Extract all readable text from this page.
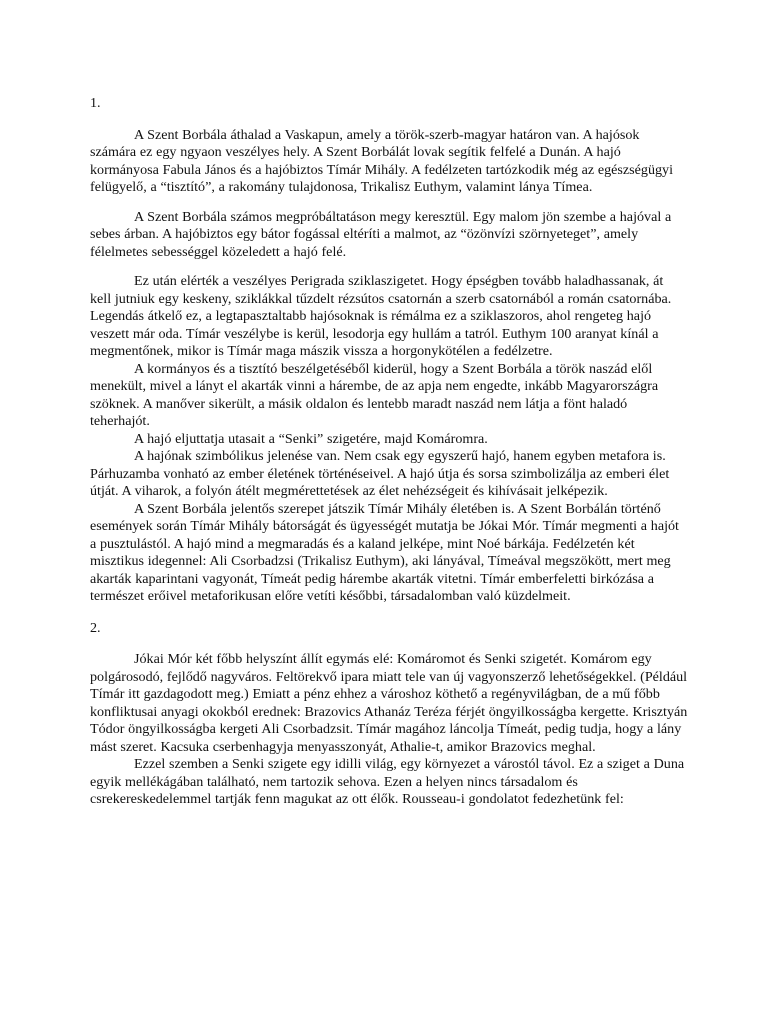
1.

A Szent Borbála áthalad a Vaskapun, amely a török-szerb-magyar határon van. A hajósok számára ez egy ngyaon veszélyes hely. A Szent Borbálát lovak segítik felfelé a Dunán. A hajó kormányosa Fabula János és a hajóbiztos Tímár Mihály. A fedélzeten tartózkodik még az egészségügyi felügyelő, a “tisztító”, a rakomány tulajdonosa, Trikalisz Euthym, valamint lánya Tímea.

A Szent Borbála számos megpróbáltatáson megy keresztül. Egy malom jön szembe a hajóval a sebes árban. A hajóbiztos egy bátor fogással eltéríti a malmot, az “özönvízi szörnyeteget”, amely félelmetes sebességgel közeledett a hajó felé.

Ez után elérték a veszélyes Perigrada sziklaszigetet. Hogy épségben tovább haladhassanak, át kell jutniuk egy keskeny, sziklákkal tűzdelt rézsútos csatornán a szerb csatornából a román csatornába.

Legendás átkelő ez, a legtapasztaltabb hajósoknak is rémálma ez a sziklaszoros, ahol rengeteg hajó veszett már oda. Tímár veszélybe is kerül, lesodorja egy hullám a tatról. Euthym 100 aranyat kínál a megmentőnek, mikor is Tímár maga mászik vissza a horgonykötélen a fedélzetre.

A kormányos és a tisztító beszélgetéséből kiderül, hogy a Szent Borbála a török naszád elől menekült, mivel a lányt el akarták vinni a hárembe, de az apja nem engedte, inkább Magyarországra szöknek. A manőver sikerült, a másik oldalon és lentebb maradt naszád nem látja a fönt haladó teherhajót.

A hajó eljuttatja utasait a “Senki” szigetére, majd Komáromra.

A hajónak szimbólikus jelenése van. Nem csak egy egyszerű hajó, hanem egyben metafora is. Párhuzamba vonható az ember életének történéseivel. A hajó útja és sorsa szimbolizálja az emberi élet útját. A viharok, a folyón átélt megmérettetések az élet nehézségeit és kihívásait jelképezik.

A Szent Borbála jelentős szerepet játszik Tímár Mihály életében is. A Szent Borbálán történő események során Tímár Mihály bátorságát és ügyességét mutatja be Jókai Mór. Tímár megmenti a hajót a pusztulástól. A hajó mind a megmaradás és a kaland jelképe, mint Noé bárkája. Fedélzetén két misztikus idegennel: Ali Csorbadzsi (Trikalisz Euthym), aki lányával, Tímeával megszökött, mert meg akarták kaparintani vagyonát, Tímeát pedig hárembe akarták vitetni. Tímár emberfeletti birkózása a természet erőivel metaforikusan előre vetíti későbbi, társadalomban való küzdelmeit.

2.

Jókai Mór két főbb helyszínt állít egymás elé: Komáromot és Senki szigetét. Komárom egy polgárosodó, fejlődő nagyváros. Feltörekvő ipara miatt tele van új vagyonszerző lehetőségekkel. (Például Tímár itt gazdagodott meg.) Emiatt a pénz ehhez a városhoz köthető a regényvilágban, de a mű főbb konfliktusai anyagi okokból erednek: Brazovics Athanáz Teréza férjét öngyilkosságba kergette. Krisztyán Tódor öngyilkosságba kergeti Ali Csorbadzsit. Tímár magához láncolja Tímeát, pedig tudja, hogy a lány mást szeret. Kacsuka cserbenhagyja menyasszonyát, Athalie-t, amikor Brazovics meghal.

Ezzel szemben a Senki szigete egy idilli világ, egy környezet a várostól távol. Ez a sziget a Duna egyik mellékágában található, nem tartozik sehova. Ezen a helyen nincs társadalom és csrekereskedelemmel tartják fenn magukat az ott élők. Rousseau-i gondolatot fedezhetünk fel:
